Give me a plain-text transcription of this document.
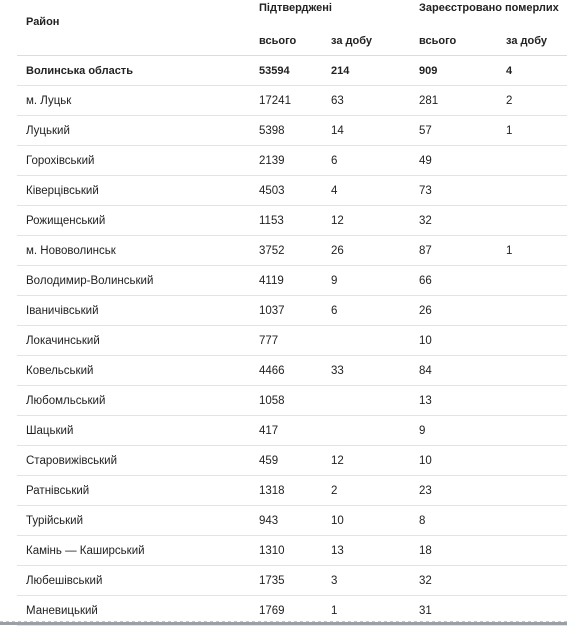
Район	Підтверджені		Зареєстровано померлих	
	всього	за добу	всього	за добу
Волинська область	53594	214	909	4
м. Луцьк	17241	63	281	2
Луцький	5398	14	57	1
Горохівський	2139	6	49	
Ківерцівський	4503	4	73	
Рожищенський	1153	12	32	
м. Нововолинськ	3752	26	87	1
Володимир-Волинський	4119	9	66	
Іваничівський	1037	6	26	
Локачинський	777		10	
Ковельський	4466	33	84	
Любомльський	1058		13	
Шацький	417		9	
Старовижівський	459	12	10	
Ратнівський	1318	2	23	
Турійський	943	10	8	
Камінь — Каширський	1310	13	18	
Любешівський	1735	3	32	
Маневицький	1769	1	31	
